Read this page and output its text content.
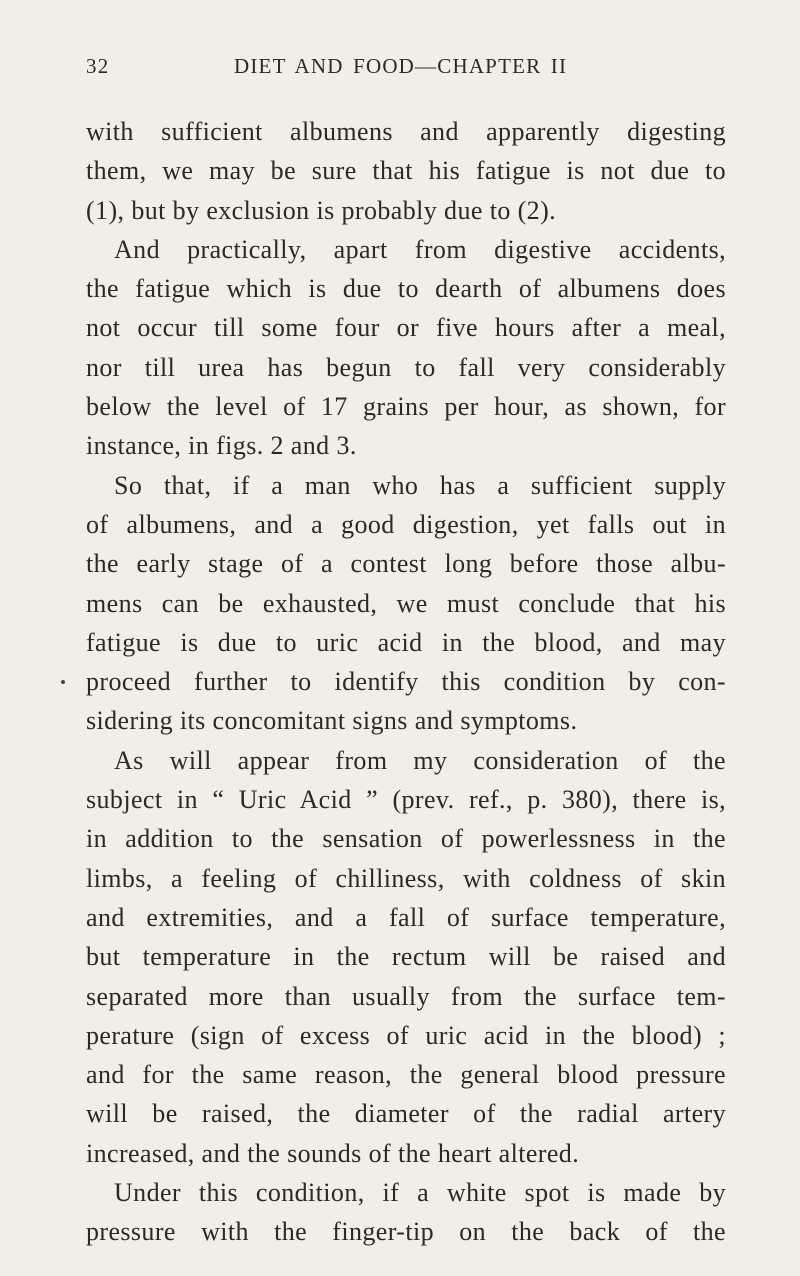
32	DIET AND FOOD—CHAPTER II
with sufficient albumens and apparently digesting
them, we may be sure that his fatigue is not due to
(1), but by exclusion is probably due to (2).
And practically, apart from digestive accidents,
the fatigue which is due to dearth of albumens does
not occur till some four or five hours after a meal,
nor till urea has begun to fall very considerably
below the level of 17 grains per hour, as shown, for
instance, in figs. 2 and 3.
So that, if a man who has a sufficient supply
of albumens, and a good digestion, yet falls out in
the early stage of a contest long before those albu-
mens can be exhausted, we must conclude that his
fatigue is due to uric acid in the blood, and may
proceed further to identify this condition by con-
sidering its concomitant signs and symptoms.
As will appear from my consideration of the
subject in “ Uric Acid ” (prev. ref., p. 380), there is,
in addition to the sensation of powerlessness in the
limbs, a feeling of chilliness, with coldness of skin
and extremities, and a fall of surface temperature,
but temperature in the rectum will be raised and
separated more than usually from the surface tem-
perature (sign of excess of uric acid in the blood) ;
and for the same reason, the general blood pressure
will be raised, the diameter of the radial artery
increased, and the sounds of the heart altered.
Under this condition, if a white spot is made by
pressure with the finger-tip on the back of the
